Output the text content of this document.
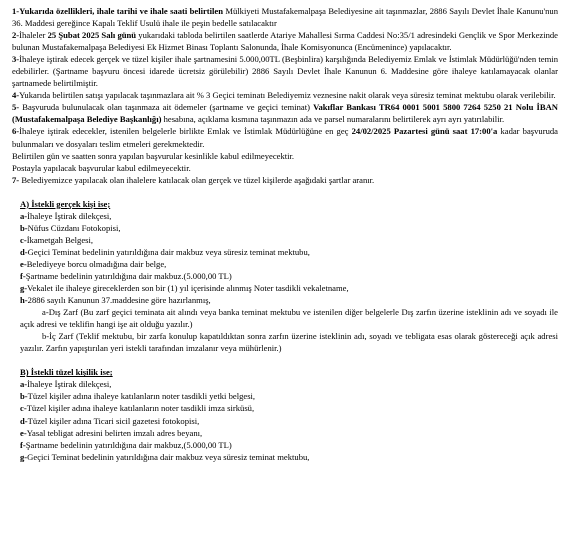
1-Yukarıda özellikleri, ihale tarihi ve ihale saati belirtilen Mülkiyeti Mustafakemalpaşa Belediyesine ait taşınmazlar, 2886 Sayılı Devlet İhale Kanunu'nun 36. Maddesi gereğince Kapalı Teklif Usulü ihale ile peşin bedelle satılacaktır

2-İhaleler 25 Şubat 2025 Salı günü yukarıdaki tabloda belirtilen saatlerde Atariye Mahallesi Sırma Caddesi No:35/1 adresindeki Gençlik ve Spor Merkezinde bulunan Mustafakemalpaşa Belediyesi Ek Hizmet Binası Toplantı Salonunda, İhale Komisyonunca (Encümenince) yapılacaktır.

3-İhaleye iştirak edecek gerçek ve tüzel kişiler ihale şartnamesini 5.000,00TL (Beşbinlira) karşılığında Belediyemiz Emlak ve İstimlak Müdürlüğü'nden temin edebilirler. (Şartname başvuru öncesi idarede ücretsiz görülebilir) 2886 Sayılı Devlet İhale Kanunun 6. Maddesine göre ihaleye katılamayacak olanlar şartnamede belirtilmiştir.

4-Yukarıda belirtilen satışı yapılacak taşınmazlara ait % 3 Geçici teminatı Belediyemiz veznesine nakit olarak veya süresiz teminat mektubu olarak verilebilir.

5- Başvuruda bulunulacak olan taşınmaza ait ödemeler (şartname ve geçici teminat) Vakıflar Bankası TR64 0001 5001 5800 7264 5250 21 Nolu İBAN (Mustafakemalpaşa Belediye Başkanlığı) hesabına, açıklama kısmına taşınmazın ada ve parsel numaralarını belirtilerek ayrı ayrı yatırılabilir.

6-İhaleye iştirak edecekler, istenilen belgelerle birlikte Emlak ve İstimlak Müdürlüğüne en geç 24/02/2025 Pazartesi günü saat 17:00'a kadar başvuruda bulunmaları ve dosyaları teslim etmeleri gerekmektedir.

Belirtilen gün ve saatten sonra yapılan başvurular kesinlikle kabul edilmeyecektir.

Postayla yapılacak başvurular kabul edilmeyecektir.

7- Belediyemizce yapılacak olan ihalelere katılacak olan gerçek ve tüzel kişilerde aşağıdaki şartlar aranır.

A) İstekli gerçek kişi ise;

a-İhaleye İştirak dilekçesi,

b-Nüfus Cüzdanı Fotokopisi,

c-İkametgah Belgesi,

d-Geçici Teminat bedelinin yatırıldığına dair makbuz veya süresiz teminat mektubu,

e-Belediyeye borcu olmadığına dair belge,

f-Şartname bedelinin yatırıldığına dair makbuz.(5.000,00 TL)

g-Vekalet ile ihaleye gireceklerden son bir (1) yıl içerisinde alınmış Noter tasdikli vekaletname,

h-2886 sayılı Kanunun 37.maddesine göre hazırlanmış,

a-Dış Zarf (Bu zarf geçici teminata ait alındı veya banka teminat mektubu ve istenilen diğer belgelerle Dış zarfın üzerine isteklinin adı ve soyadı ile açık adresi ve teklifin hangi işe ait olduğu yazılır.)

b-İç Zarf (Teklif mektubu, bir zarfa konulup kapatıldıktan sonra zarfın üzerine isteklinin adı, soyadı ve tebligata esas olarak göstereceği açık adresi yazılır. Zarfın yapıştırılan yeri istekli tarafından imzalanır veya mühürlenir.)

B) İstekli tüzel kişilik ise;

a-İhaleye İştirak dilekçesi,

b-Tüzel kişiler adına ihaleye katılanların noter tasdikli yetki belgesi,

c-Tüzel kişiler adına ihaleye katılanların noter tasdikli imza sirküsü,

d-Tüzel kişiler adına Ticari sicil gazetesi fotokopisi,

e-Yasal tebligat adresini belirten imzalı adres beyanı,

f-Şartname bedelinin yatırıldığına dair makbuz,(5.000,00 TL)

g-Geçici Teminat bedelinin yatırıldığına dair makbuz veya süresiz teminat mektubu,
